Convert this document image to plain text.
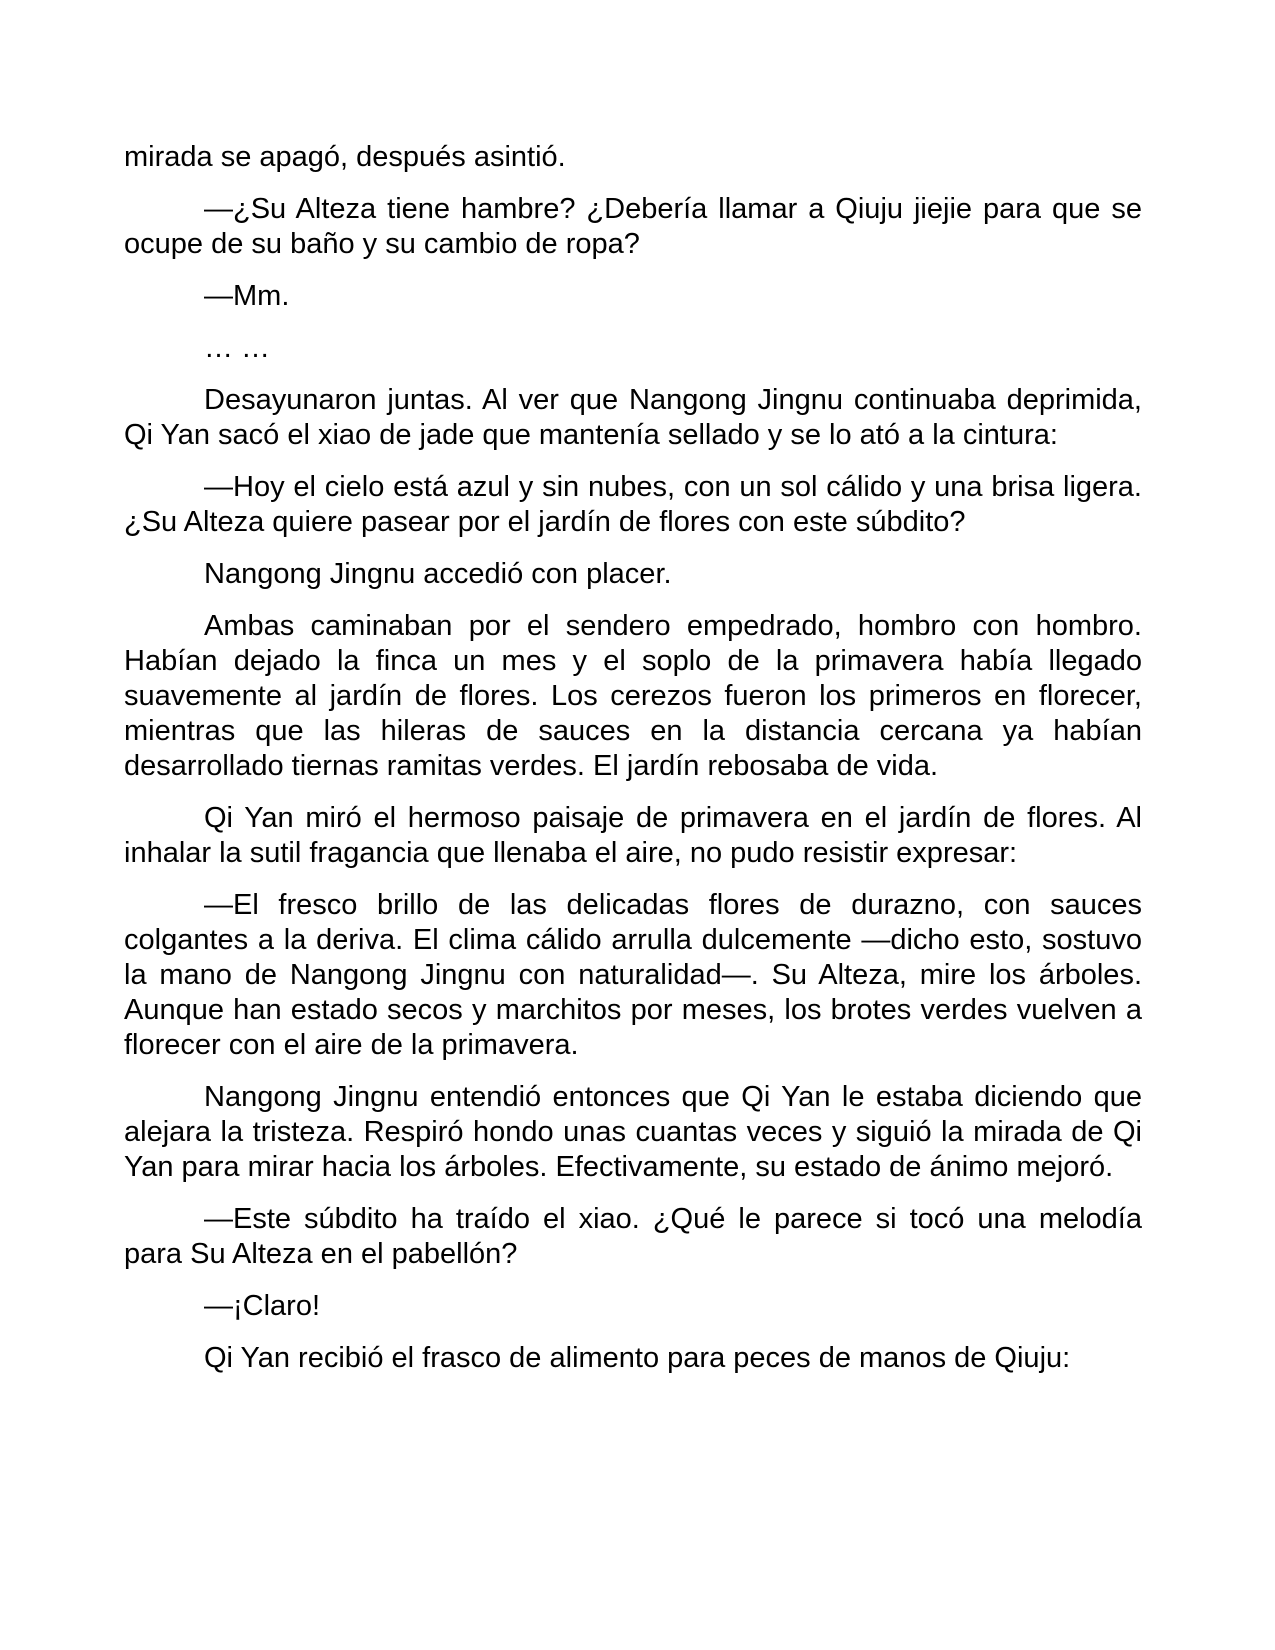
mirada se apagó, después asintió.

—¿Su Alteza tiene hambre? ¿Debería llamar a Qiuju jiejie para que se ocupe de su baño y su cambio de ropa?

—Mm.

… …

Desayunaron juntas. Al ver que Nangong Jingnu continuaba deprimida, Qi Yan sacó el xiao de jade que mantenía sellado y se lo ató a la cintura:

—Hoy el cielo está azul y sin nubes, con un sol cálido y una brisa ligera. ¿Su Alteza quiere pasear por el jardín de flores con este súbdito?

Nangong Jingnu accedió con placer.

Ambas caminaban por el sendero empedrado, hombro con hombro. Habían dejado la finca un mes y el soplo de la primavera había llegado suavemente al jardín de flores. Los cerezos fueron los primeros en florecer, mientras que las hileras de sauces en la distancia cercana ya habían desarrollado tiernas ramitas verdes. El jardín rebosaba de vida.

Qi Yan miró el hermoso paisaje de primavera en el jardín de flores. Al inhalar la sutil fragancia que llenaba el aire, no pudo resistir expresar:

—El fresco brillo de las delicadas flores de durazno, con sauces colgantes a la deriva. El clima cálido arrulla dulcemente —dicho esto, sostuvo la mano de Nangong Jingnu con naturalidad—. Su Alteza, mire los árboles. Aunque han estado secos y marchitos por meses, los brotes verdes vuelven a florecer con el aire de la primavera.

Nangong Jingnu entendió entonces que Qi Yan le estaba diciendo que alejara la tristeza. Respiró hondo unas cuantas veces y siguió la mirada de Qi Yan para mirar hacia los árboles. Efectivamente, su estado de ánimo mejoró.

—Este súbdito ha traído el xiao. ¿Qué le parece si tocó una melodía para Su Alteza en el pabellón?

—¡Claro!

Qi Yan recibió el frasco de alimento para peces de manos de Qiuju:
